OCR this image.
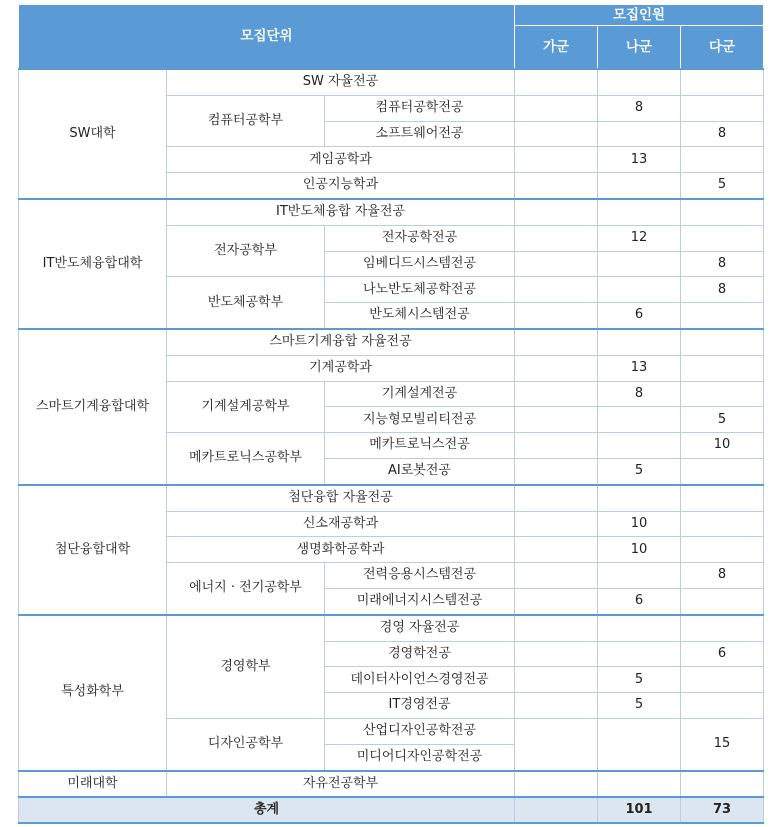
모집단위			모집인원		
			가군	나군	다군
SW대학	SW 자율전공				
	컴퓨터공학부	컴퓨터공학전공		8	
		소프트웨어전공			8
	게임공학과			13	
	인공지능학과				5
IT반도체융합대학	IT반도체융합 자율전공				
	전자공학부	전자공학전공		12	
		임베디드시스템전공			8
	반도체공학부	나노반도체공학전공			8
		반도체시스템전공		6	
스마트기계융합대학	스마트기계융합 자율전공				
	기계공학과			13	
	기계설계공학부	기계설계전공		8	
		지능형모빌리티전공			5
	메카트로닉스공학부	메카트로닉스전공			10
		AI로봇전공		5	
첨단융합대학	첨단융합 자율전공				
	신소재공학과			10	
	생명화학공학과			10	
	에너지 · 전기공학부	전력응용시스템전공			8
		미래에너지시스템전공		6	
특성화학부	경영학부	경영 자율전공			
		경영학전공			6
		데이터사이언스경영전공		5	
		IT경영전공		5	
	디자인공학부	산업디자인공학전공			15
		미디어디자인공학전공			
미래대학	자유전공학부				
총계				101	73
